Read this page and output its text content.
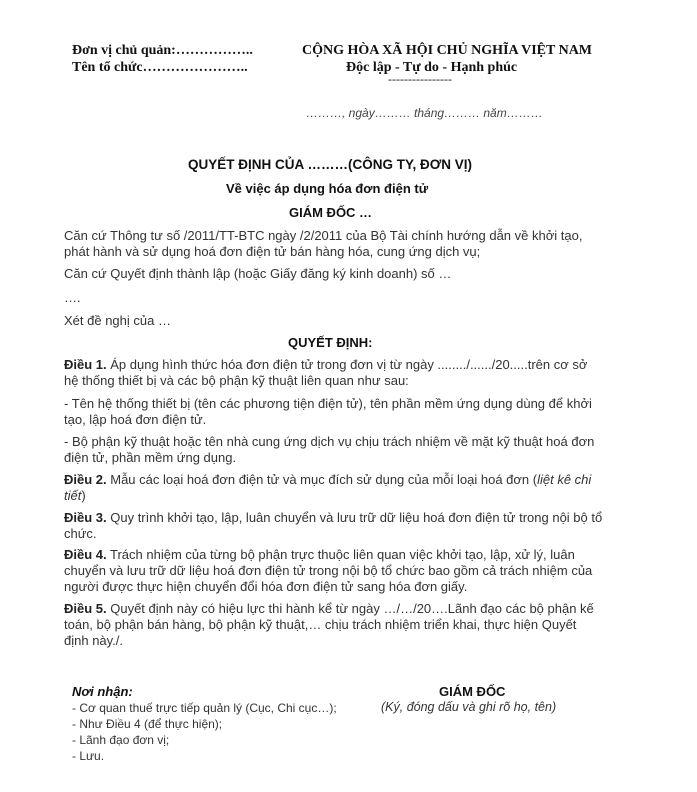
Đơn vị chủ quản:……………..
Tên tổ chức…………………..
CỘNG HÒA XÃ HỘI CHỦ NGHĨA VIỆT NAM
Độc lập - Tự do - Hạnh phúc
----------------
………, ngày……… tháng……… năm………
QUYẾT ĐỊNH CỦA ………(CÔNG TY, ĐƠN VỊ)
Về việc áp dụng hóa đơn điện tử
GIÁM ĐỐC …
Căn cứ Thông tư số /2011/TT-BTC ngày /2/2011 của Bộ Tài chính hướng dẫn về khởi tạo, phát hành và sử dụng hoá đơn điện tử bán hàng hóa, cung ứng dịch vụ;
Căn cứ Quyết định thành lập (hoặc Giấy đăng ký kinh doanh) số …
….
Xét đề nghị của …
QUYẾT ĐỊNH:
Điều 1. Áp dụng hình thức hóa đơn điện tử trong đơn vị từ ngày ......../....../20.....trên cơ sở hệ thống thiết bị và các bộ phận kỹ thuật liên quan như sau:
- Tên hệ thống thiết bị (tên các phương tiện điện tử), tên phần mềm ứng dụng dùng để khởi tạo, lập hoá đơn điện tử.
- Bộ phận kỹ thuật hoặc tên nhà cung ứng dịch vụ chịu trách nhiệm về mặt kỹ thuật hoá đơn điện tử, phần mềm ứng dụng.
Điều 2. Mẫu các loại hoá đơn điện tử và mục đích sử dụng của mỗi loại hoá đơn (liệt kê chi tiết)
Điều 3. Quy trình khởi tạo, lập, luân chuyển và lưu trữ dữ liệu hoá đơn điện tử trong nội bộ tổ chức.
Điều 4. Trách nhiệm của từng bộ phận trực thuộc liên quan việc khởi tạo, lập, xử lý, luân chuyển và lưu trữ dữ liệu hoá đơn điện tử trong nội bộ tổ chức bao gồm cả trách nhiệm của người được thực hiện chuyển đổi hóa đơn điện tử sang hóa đơn giấy.
Điều 5. Quyết định này có hiệu lực thi hành kể từ ngày …/…/20….Lãnh đạo các bộ phận kế toán, bộ phận bán hàng, bộ phận kỹ thuật,… chịu trách nhiệm triển khai, thực hiện Quyết định này./.
Nơi nhận:
- Cơ quan thuế trực tiếp quản lý (Cục, Chi cục…);
- Như Điều 4 (để thực hiện);
- Lãnh đạo đơn vị;
- Lưu.
GIÁM ĐỐC
(Ký, đóng dấu và ghi rõ họ, tên)
